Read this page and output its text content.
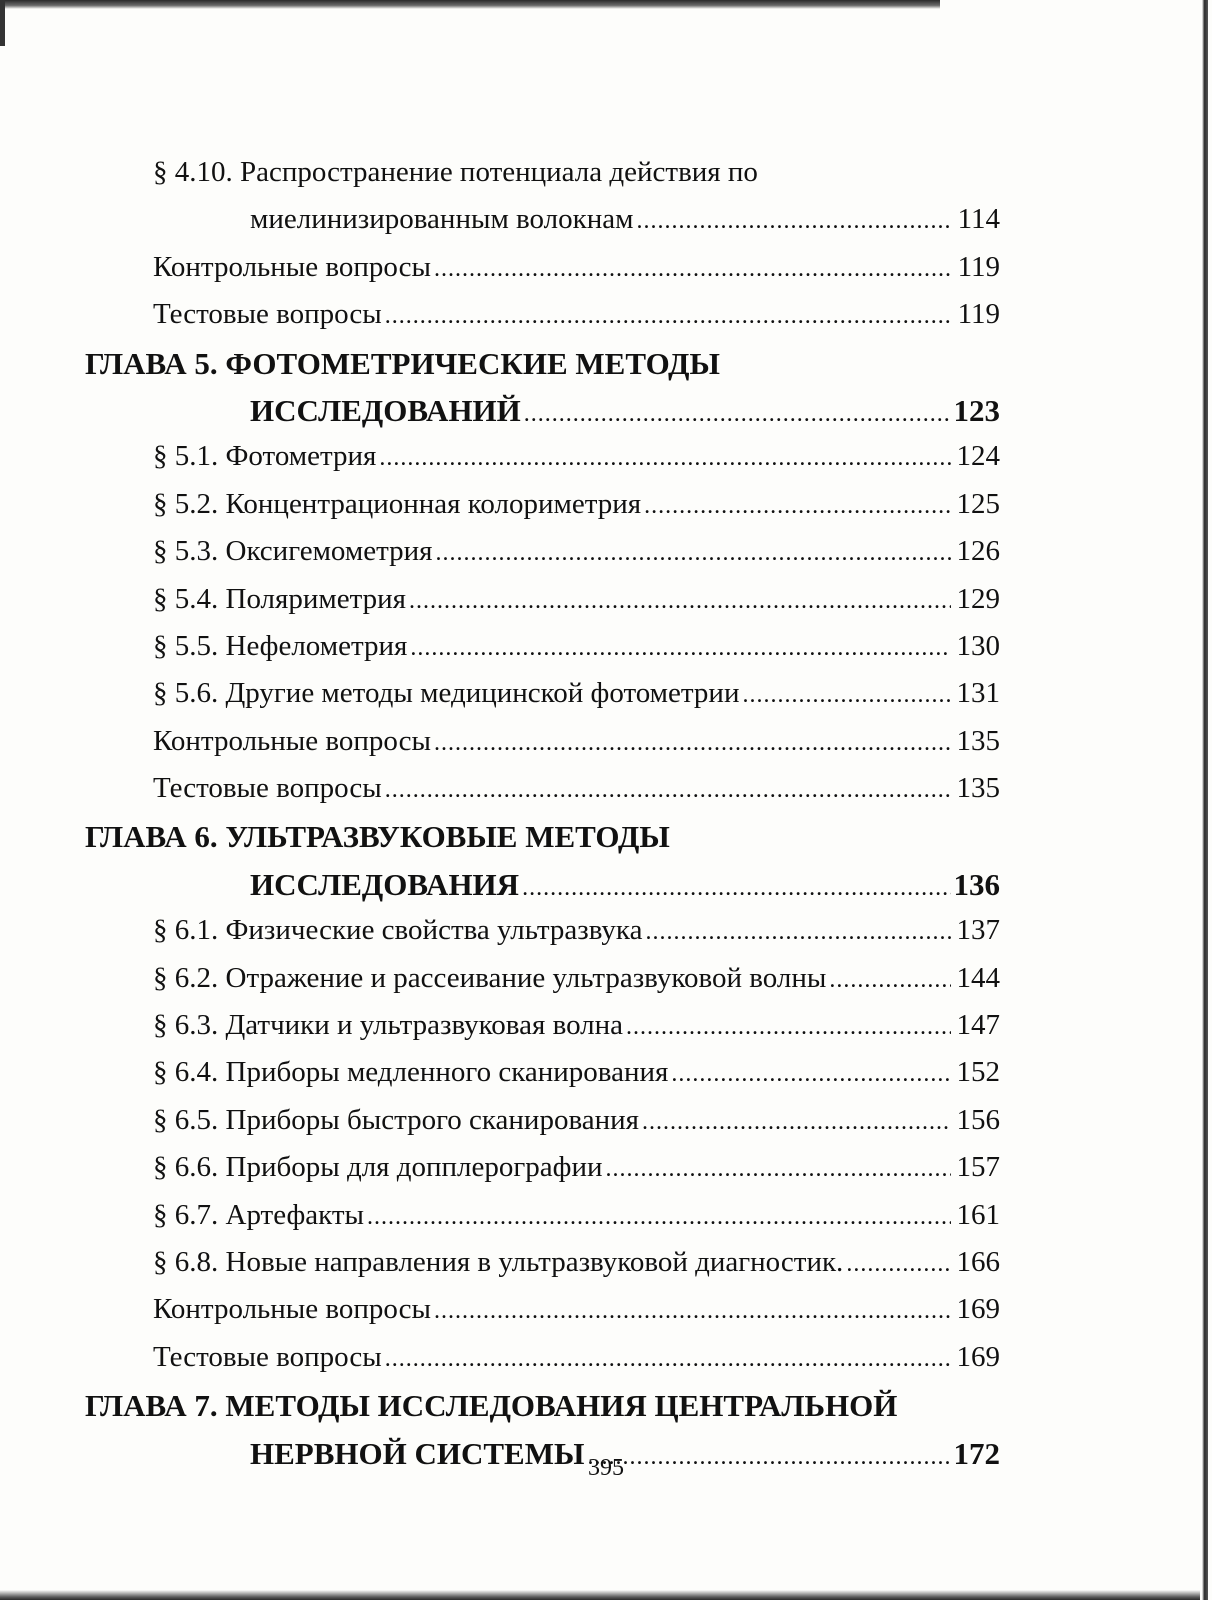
§ 4.10. Распространение потенциала действия по
миелинизированным волокнам .....	114
Контрольные вопросы .....	119
Тестовые вопросы .....	119
ГЛАВА 5. ФОТОМЕТРИЧЕСКИЕ МЕТОДЫ
ИССЛЕДОВАНИЙ .....	123
§ 5.1. Фотометрия .....	124
§ 5.2. Концентрационная колориметрия .....	125
§ 5.3. Оксигемометрия .....	126
§ 5.4. Поляриметрия .....	129
§ 5.5. Нефелометрия .....	130
§ 5.6. Другие методы медицинской фотометрии .....	131
Контрольные вопросы .....	135
Тестовые вопросы .....	135
ГЛАВА 6. УЛЬТРАЗВУКОВЫЕ МЕТОДЫ
ИССЛЕДОВАНИЯ .....	136
§ 6.1. Физические свойства ультразвука .....	137
§ 6.2. Отражение и рассеивание ультразвуковой волны .....	144
§ 6.3. Датчики и ультразвуковая волна .....	147
§ 6.4. Приборы медленного сканирования .....	152
§ 6.5. Приборы быстрого сканирования .....	156
§ 6.6. Приборы для допплерографии .....	157
§ 6.7. Артефакты .....	161
§ 6.8. Новые направления в ультразвуковой диагностик. .....	166
Контрольные вопросы .....	169
Тестовые вопросы .....	169
ГЛАВА 7. МЕТОДЫ ИССЛЕДОВАНИЯ ЦЕНТРАЛЬНОЙ
НЕРВНОЙ СИСТЕМЫ .....	172
395
